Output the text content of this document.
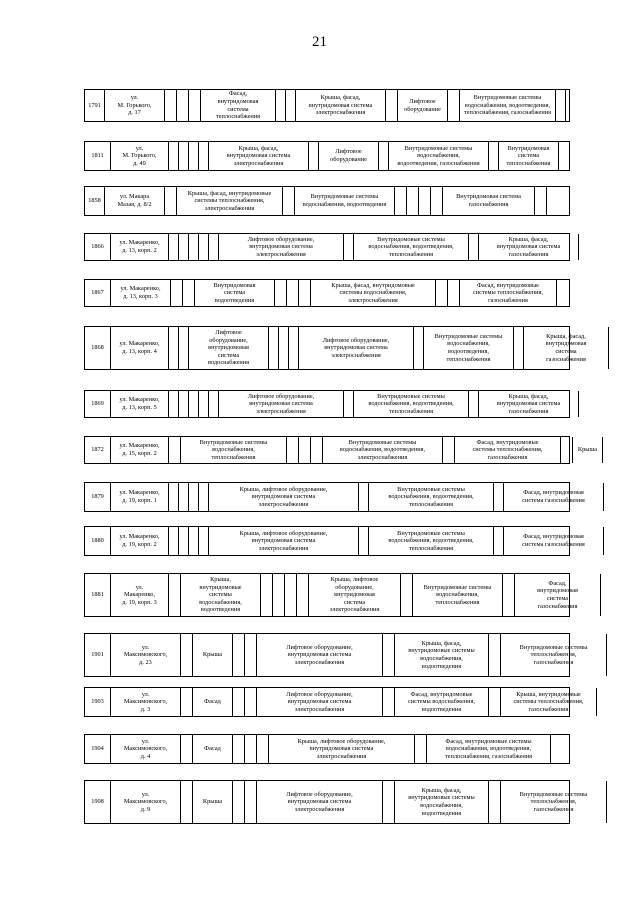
21
1791
ул.
М. Горького,
д. 17
Фасад,
внутридомовая
система
теплоснабжения
Крыша, фасад,
внутридомовая система
электроснабжения
Лифтовое
оборудование
Внутридомовые системы
водоснабжения, водоотведения,
теплоснабжения, газоснабжения
1811
ул.
М. Горького,
д. 49
Крыша, фасад,
внутридомовая система
электроснабжения
Лифтовое
оборудование
Внутридомовые системы
водоснабжения,
водоотведения, газоснабжения
Внутридомовая
система
теплоснабжения
1858
ул. Макара
Мазая, д. 8/2
Крыша, фасад, внутридомовые
системы теплоснабжения,
электроснабжения
Внутридомовые системы
водоснабжения, водоотведения
Внутридомовая система
газоснабжения
1866
ул. Макаренко,
д. 13, корп. 2
Лифтовое оборудование,
внутридомовая система
электроснабжения
Внутридомовые системы
водоснабжения, водоотведения,
теплоснабжения
Крыша, фасад,
внутридомовая система
газоснабжения
1867
ул. Макаренко,
д. 13, корп. 3
Внутридомовая
система
водоотведения
Крыша, фасад, внутридомовые
системы водоснабжения,
электроснабжения
Фасад, внутридомовые
системы теплоснабжения,
газоснабжения
1868
ул. Макаренко,
д. 13, корп. 4
Лифтовое
оборудование,
внутридомовая
система
водоснабжения
Лифтовое оборудование,
внутридомовая система
электроснабжения
Внутридомовые системы
водоснабжения,
водоотведения,
теплоснабжения
Крыша, фасад,
внутридомовая
система
газоснабжения
1869
ул. Макаренко,
д. 13, корп. 5
Лифтовое оборудование,
внутридомовая система
электроснабжения
Внутридомовые системы
водоснабжения, водоотведения,
теплоснабжения
Крыша, фасад,
внутридомовая система
газоснабжения
1872
ул. Макаренко,
д. 15, корп. 2
Внутридомовые системы
водоснабжения,
теплоснабжения
Внутридомовые системы
водоснабжения, водоотведения,
электроснабжения
Фасад, внутридомовые
системы теплоснабжения,
газоснабжения
Крыша
1879
ул. Макаренко,
д. 19, корп. 1
Крыша, лифтовое оборудование,
внутридомовая система
электроснабжения
Внутридомовые системы
водоснабжения, водоотведения,
теплоснабжения
Фасад, внутридомовая
система газоснабжения
1880
ул. Макаренко,
д. 19, корп. 2
Крыша, лифтовое оборудование,
внутридомовая система
электроснабжения
Внутридомовые системы
водоснабжения, водоотведения,
теплоснабжения
Фасад, внутридомовая
система газоснабжения
1881
ул.
Макаренко,
д. 19, корп. 3
Крыша,
внутридомовые
системы
водоснабжения,
водоотведения
Крыша, лифтовое
оборудование,
внутридомовая
система
электроснабжения
Внутридомовые системы
водоснабжения,
теплоснабжения
Фасад,
внутридомовая
система
газоснабжения
1901
ул.
Максимовского,
д. 23
Крыша
Лифтовое оборудование,
внутридомовая система
электроснабжения
Крыша, фасад,
внутридомовые системы
водоснабжения,
водоотведения
Внутридомовые системы
теплоснабжения,
газоснабжения
1903
ул.
Максимовского,
д. 3
Фасад
Лифтовое оборудование,
внутридомовая система
электроснабжения
Фасад, внутридомовые
системы водоснабжения,
водоотведения
Крыша, внутридомовые
системы теплоснабжения,
газоснабжения
1904
ул.
Максимовского,
д. 4
Фасад
Крыша, лифтовое оборудование,
внутридомовая система
электроснабжения
Фасад, внутридомовые системы
водоснабжения, водоотведения,
теплоснабжения, газоснабжения
1908
ул.
Максимовского,
д. 9
Крыша
Лифтовое оборудование,
внутридомовая система
электроснабжения
Крыша, фасад,
внутридомовые системы
водоснабжения,
водоотведения
Внутридомовые системы
теплоснабжения,
газоснабжения
